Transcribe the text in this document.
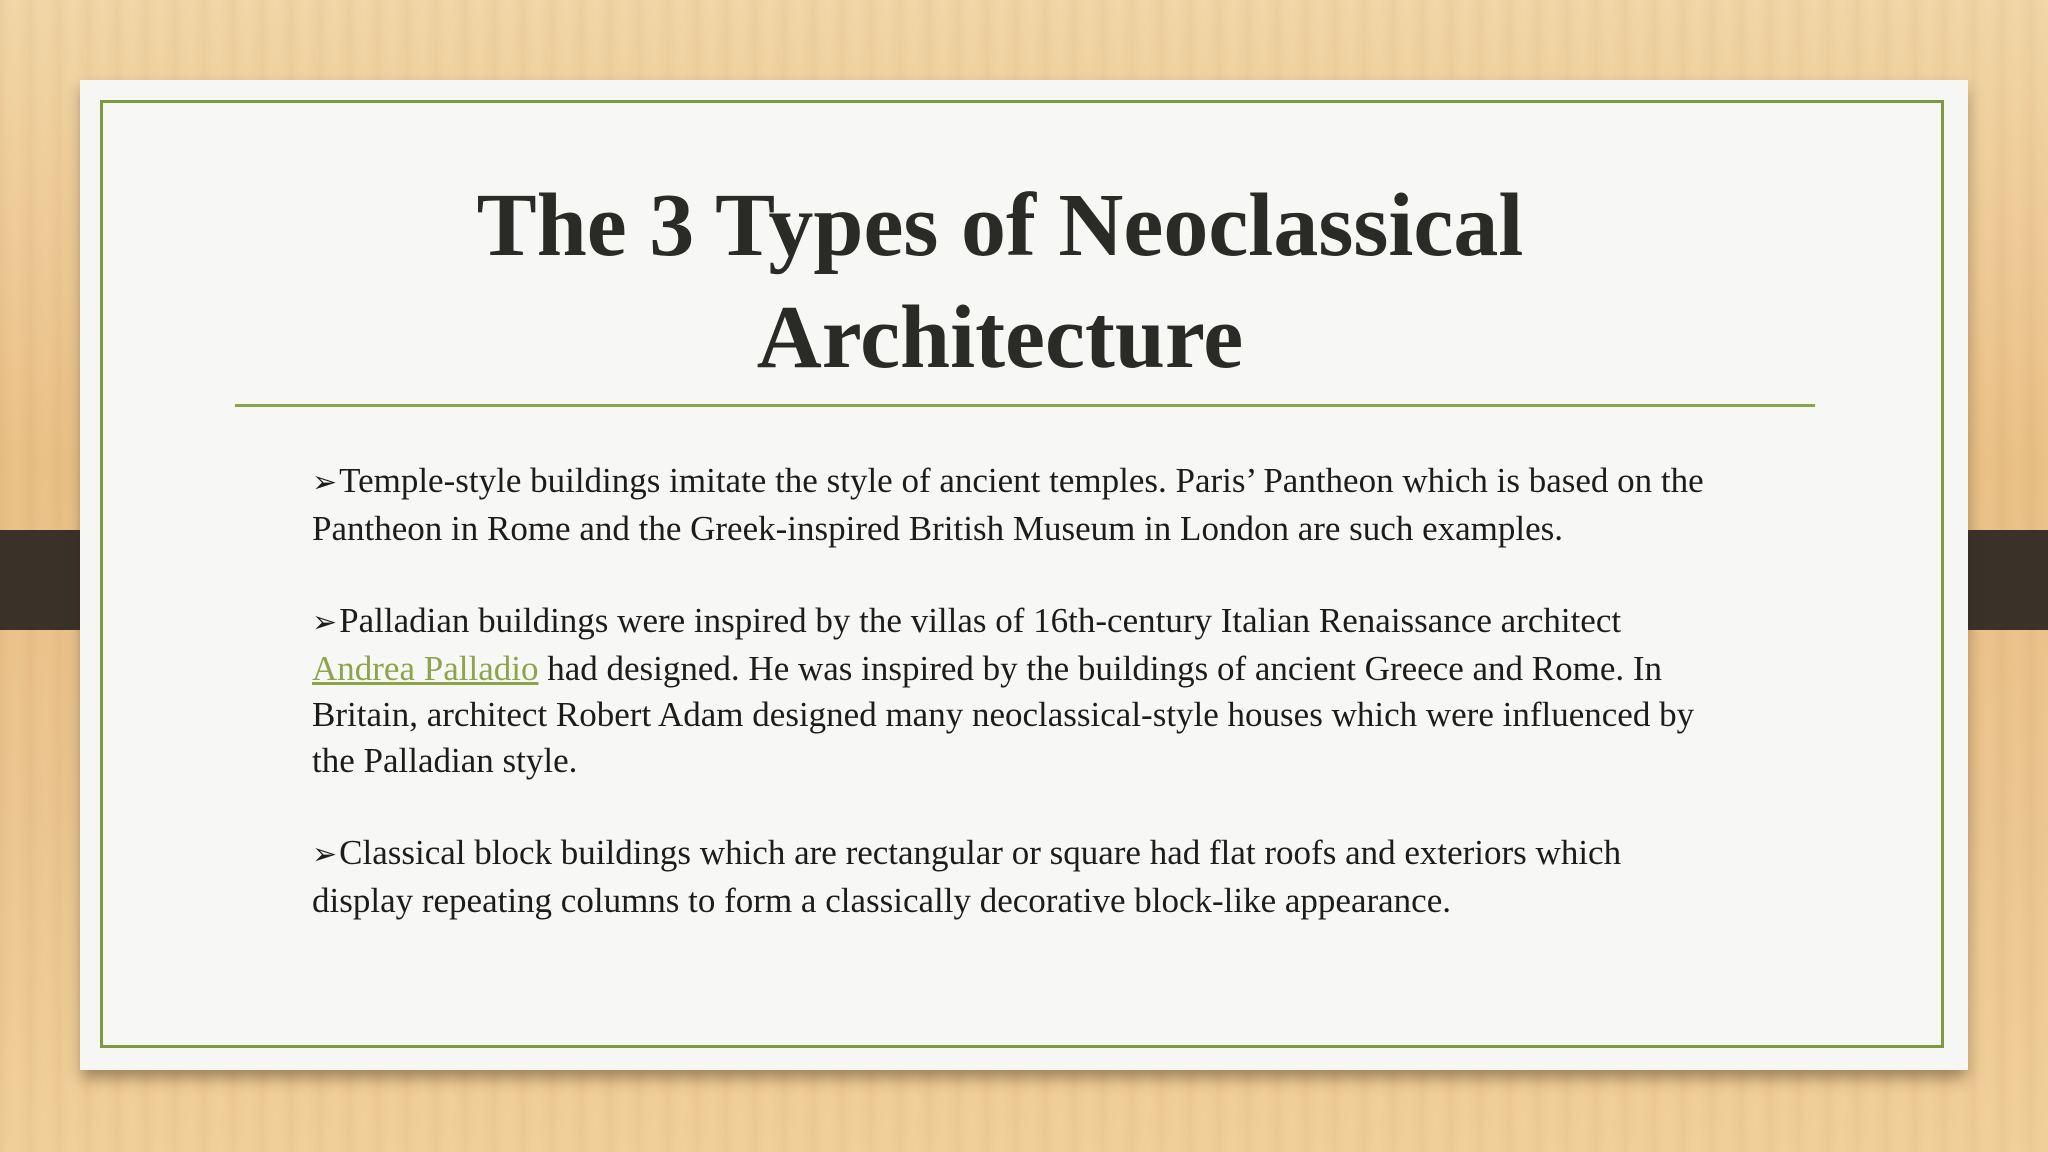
The 3 Types of Neoclassical
Architecture

➢Temple-style buildings imitate the style of ancient temples. Paris’ Pantheon which is based on the Pantheon in Rome and the Greek-inspired British Museum in London are such examples.

➢Palladian buildings were inspired by the villas of 16th-century Italian Renaissance architect Andrea Palladio had designed. He was inspired by the buildings of ancient Greece and Rome. In Britain, architect Robert Adam designed many neoclassical-style houses which were influenced by the Palladian style.

➢Classical block buildings which are rectangular or square had flat roofs and exteriors which display repeating columns to form a classically decorative block-like appearance.
